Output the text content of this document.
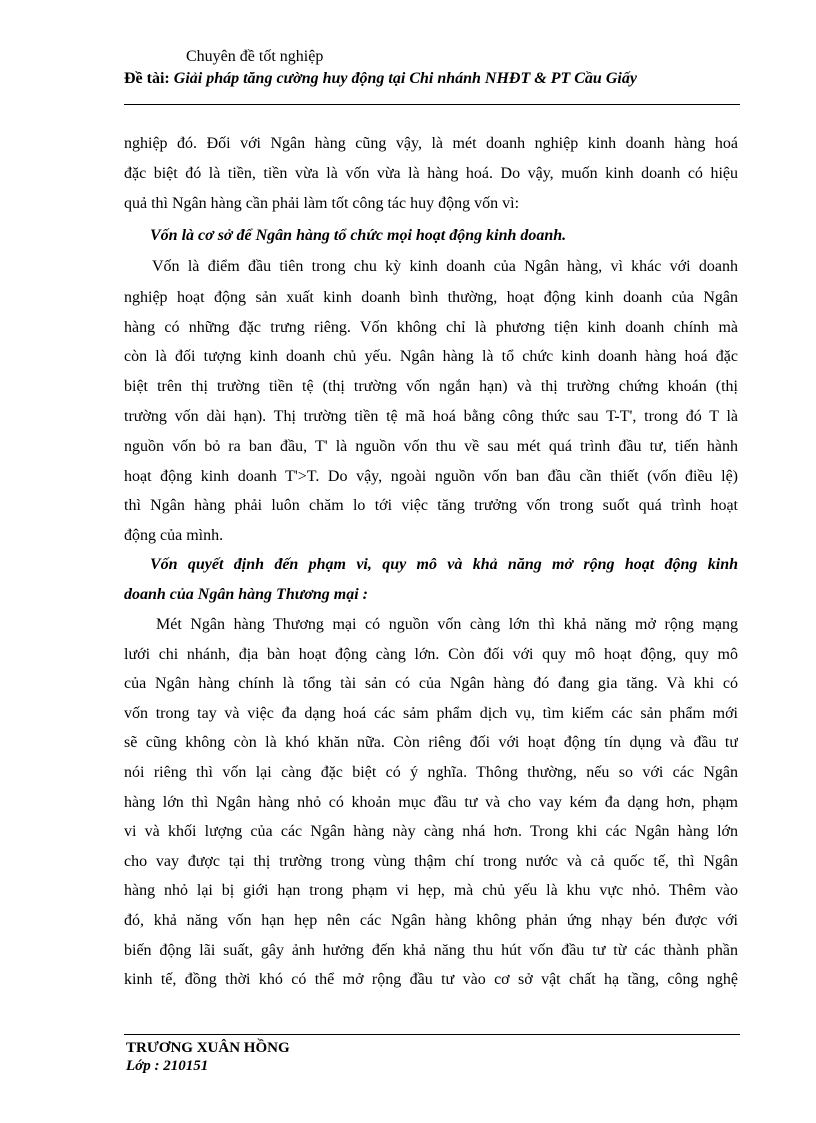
Chuyên đề tốt nghiệp
Đề tài: Giải pháp tăng cường huy động tại Chi nhánh NHĐT & PT Cầu Giấy
nghiệp đó. Đối với Ngân hàng cũng vậy, là mét doanh nghiệp kinh doanh hàng hoá
đặc biệt đó là tiền, tiền vừa là vốn vừa là hàng hoá. Do vậy, muốn kinh doanh có hiệu
quả thì Ngân hàng cần phải làm tốt công tác huy động vốn vì:
Vốn là cơ sở để Ngân hàng tổ chức mọi hoạt động kinh doanh.
Vốn là điểm đầu tiên trong chu kỳ kinh doanh của Ngân hàng, vì khác với doanh
nghiệp hoạt động sản xuất kinh doanh bình thường, hoạt động kinh doanh của Ngân
hàng có những đặc trưng riêng. Vốn không chỉ là phương tiện kinh doanh chính mà
còn là đối tượng kinh doanh chủ yếu. Ngân hàng là tổ chức kinh doanh hàng hoá đặc
biệt trên thị trường tiền tệ (thị trường vốn ngắn hạn) và thị trường chứng khoán (thị
trường vốn dài hạn). Thị trường tiền tệ mã hoá bằng công thức sau T-T', trong đó T là
nguồn vốn bỏ ra ban đầu, T' là nguồn vốn thu về sau mét quá trình đầu tư, tiến hành
hoạt động kinh doanh T'>T. Do vậy, ngoài nguồn vốn ban đầu cần thiết (vốn điều lệ)
thì Ngân hàng phải luôn chăm lo tới việc tăng trưởng vốn trong suốt quá trình hoạt
động của mình.
Vốn quyết định đến phạm vi, quy mô và khả năng mở rộng hoạt động kinh
doanh của Ngân hàng Thương mại :
Mét Ngân hàng Thương mại có nguồn vốn càng lớn thì khả năng mở rộng mạng
lưới chi nhánh, địa bàn hoạt động càng lớn. Còn đối với quy mô hoạt động, quy mô
của Ngân hàng chính là tổng tài sản có của Ngân hàng đó đang gia tăng. Và khi có
vốn trong tay và việc đa dạng hoá các sảm phẩm dịch vụ, tìm kiếm các sản phẩm mới
sẽ cũng không còn là khó khăn nữa. Còn riêng đối với hoạt động tín dụng và đầu tư
nói riêng thì vốn lại càng đặc biệt có ý nghĩa. Thông thường, nếu so với các Ngân
hàng lớn thì Ngân hàng nhỏ có khoản mục đầu tư và cho vay kém đa dạng hơn, phạm
vi và khối lượng của các Ngân hàng này càng nhá hơn. Trong khi các Ngân hàng lớn
cho vay được tại thị trường trong vùng thậm chí trong nước và cả quốc tế, thì Ngân
hàng nhỏ lại bị giới hạn trong phạm vi hẹp, mà chủ yếu là khu vực nhỏ. Thêm vào
đó, khả năng vốn hạn hẹp nên các Ngân hàng không phản ứng nhạy bén được với
biến động lãi suất, gây ảnh hưởng đến khả năng thu hút vốn đầu tư từ các thành phần
kinh tế, đồng thời khó có thể mở rộng đầu tư vào cơ sở vật chất hạ tầng, công nghệ
TRƯƠNG XUÂN HỒNG
Lớp : 210151
